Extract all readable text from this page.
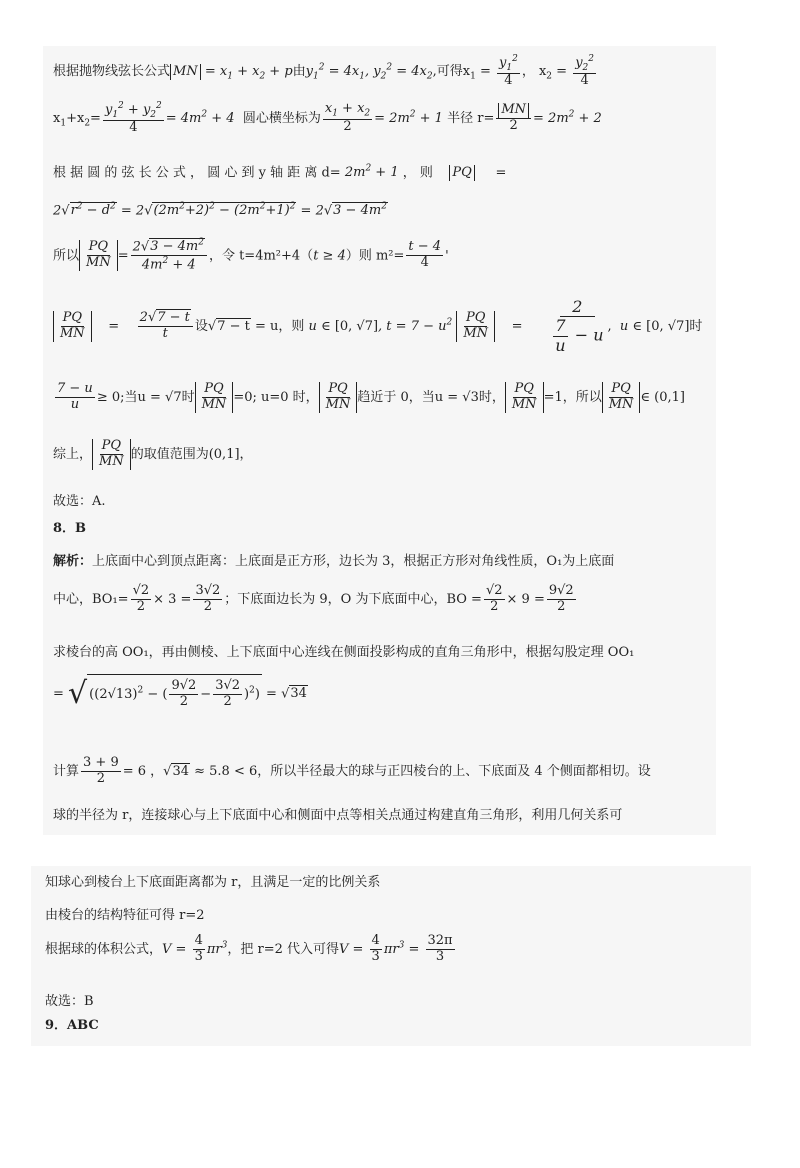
根据抛物线弦长公式 MN = $x_1 + x_2 + p$由$y_1^2 = 4x_1$, $y_2^2 = 4x_2$,可得$x_1 = \frac{y_1^2}{4}$ ， $x_2 = \frac{y_2^2}{4}$
$x_1+x_2= \frac{y_1^2 + y_2^2}{4} = 4m^2 + 4$ 圆心横坐标为 $\frac{x_1 + x_2}{2} = 2m^2 + 1$ 半径 $r= \frac{MN}{2} = 2m^2 + 2$
根 据 圆 的 弦 长 公 式 ， 圆 心 到 y 轴 距 离 $d= 2m^2 + 1$ ， 则 PQ =
$2√r^2 - d^2 = 2√(2m^2+2)^2 - (2m^2+1)^2 = 2√3 - 4m^2$
所以 $\frac{PQ}{MN} = \frac{2√3 - 4m^2}{4m^2 + 4}$ ，令 t=4m²+4（t ≥ 4）则 $m^2= \frac{t - 4}{4}$ '
$\frac{PQ}{MN} = \frac{2√7 - t}{t}$ 设√7 − t = u，则 u ∈ [0, √7], $t = 7 - u^2 \frac{PQ}{MN} = \frac{2}{\frac{7}{u} - u}$ , u ∈ [0, √7]时
$\frac{7 - u}{u} \ge 0$;当u = √7时 $\frac{PQ}{MN} =0$; u=0 时， $\frac{PQ}{MN}$ 趋近于 0，当u = √3时， $\frac{PQ}{MN} =1$，所以 $\frac{PQ}{MN}$ ∈ (0,1]
综上， $\frac{PQ}{MN}$ 的取值范围为(0,1]，
故选：A.
8．B
解析：上底面中心到顶点距离：上底面是正方形，边长为 3，根据正方形对角线性质，O₁为上底面
中心，$BO_1= \frac{√2}{2} \times 3 = \frac{3√2}{2}$ ；下底面边长为 9，O 为下底面中心，BO = $\frac{√2}{2} \times 9 = \frac{9√2}{2}$
求棱台的高 OO₁，再由侧棱、上下底面中心连线在侧面投影构成的直角三角形中，根据勾股定理 OO₁
= √ ($(2√13)^2$ − ( $\frac{9√2}{2} - \frac{3√2}{2} )^2) = √34$
计算 $\frac{3 + 9}{2} = 6$ ，√34 ≈ 5.8 < 6，所以半径最大的球与正四棱台的上、下底面及 4 个侧面都相切。设
球的半径为 r，连接球心与上下底面中心和侧面中点等相关点通过构建直角三角形，利用几何关系可
知球心到棱台上下底面距离都为 r，且满足一定的比例关系
由棱台的结构特征可得 r=2
根据球的体积公式，$V = \frac{4}{3} \pi r^3$，把 r=2 代入可得$V = \frac{4}{3} \pi r^3 = \frac{32\pi}{3}$
故选：B
9．ABC
